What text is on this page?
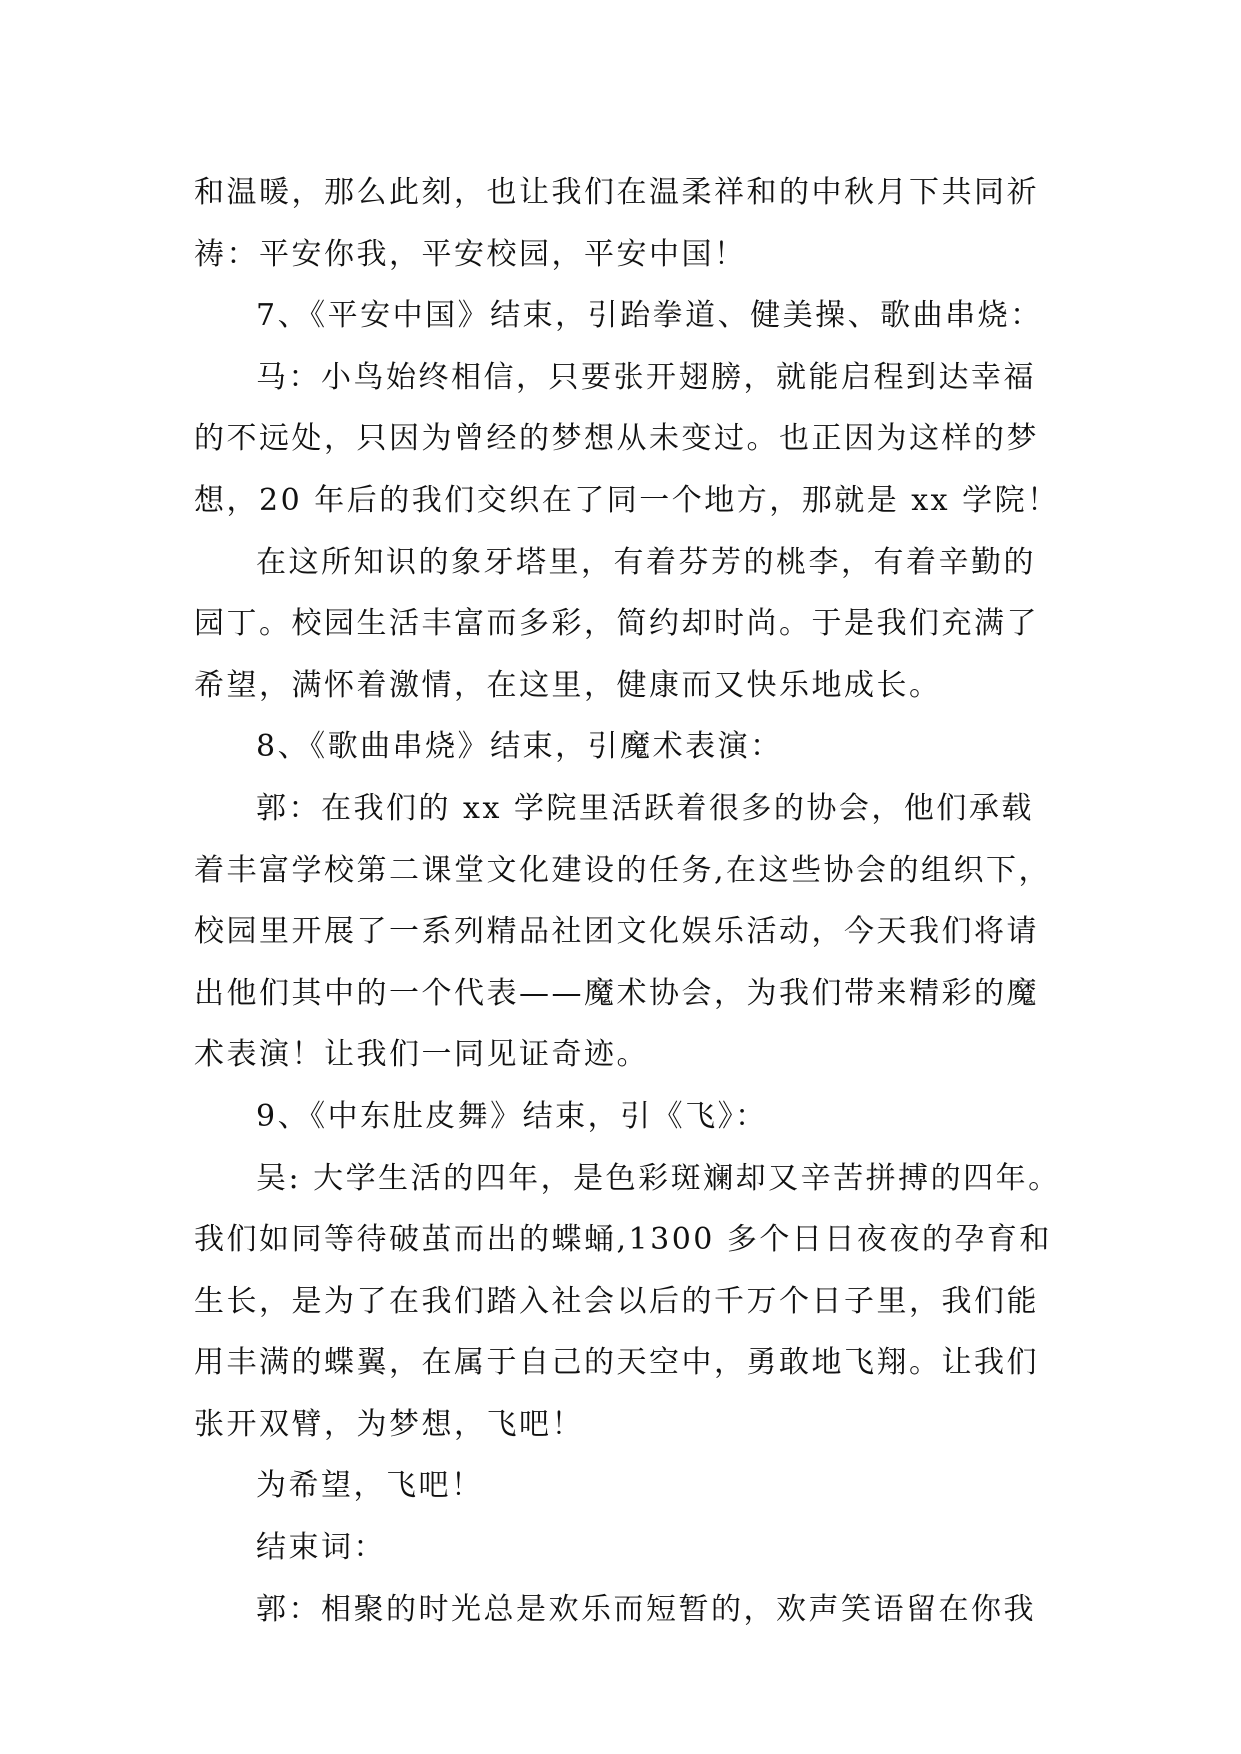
和温暖，那么此刻，也让我们在温柔祥和的中秋月下共同祈
祷：平安你我，平安校园，平安中国！
7、《平安中国》结束，引跆拳道、健美操、歌曲串烧：
马：小鸟始终相信，只要张开翅膀，就能启程到达幸福
的不远处，只因为曾经的梦想从未变过。也正因为这样的梦
想，20 年后的我们交织在了同一个地方，那就是 xx 学院！
在这所知识的象牙塔里，有着芬芳的桃李，有着辛勤的
园丁。校园生活丰富而多彩，简约却时尚。于是我们充满了
希望，满怀着激情，在这里，健康而又快乐地成长。
8、《歌曲串烧》结束，引魔术表演：
郭：在我们的 xx 学院里活跃着很多的协会，他们承载
着丰富学校第二课堂文化建设的任务,在这些协会的组织下，
校园里开展了一系列精品社团文化娱乐活动，今天我们将请
出他们其中的一个代表——魔术协会，为我们带来精彩的魔
术表演！让我们一同见证奇迹。
9、《中东肚皮舞》结束，引《飞》：
吴: 大学生活的四年，是色彩斑斓却又辛苦拼搏的四年。
我们如同等待破茧而出的蝶蛹,1300 多个日日夜夜的孕育和
生长，是为了在我们踏入社会以后的千万个日子里，我们能
用丰满的蝶翼，在属于自己的天空中，勇敢地飞翔。让我们
张开双臂，为梦想，飞吧！
为希望，飞吧！
结束词：
郭：相聚的时光总是欢乐而短暂的，欢声笑语留在你我
